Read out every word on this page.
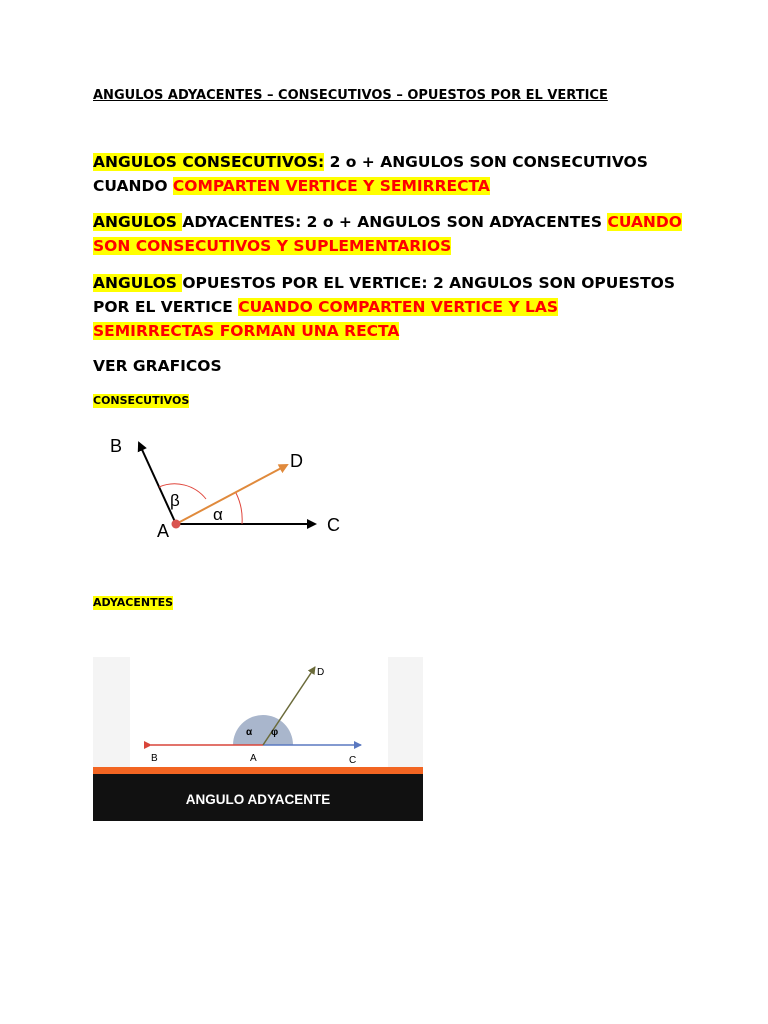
ANGULOS ADYACENTES – CONSECUTIVOS – OPUESTOS POR EL VERTICE

ANGULOS CONSECUTIVOS: 2 o + ANGULOS SON CONSECUTIVOS CUANDO COMPARTEN VERTICE Y SEMIRRECTA

ANGULOS ADYACENTES: 2 o + ANGULOS SON ADYACENTES CUANDO SON CONSECUTIVOS Y SUPLEMENTARIOS

ANGULOS OPUESTOS POR EL VERTICE: 2 ANGULOS SON OPUESTOS POR EL VERTICE CUANDO COMPARTEN VERTICE Y LAS SEMIRRECTAS FORMAN UNA RECTA

VER GRAFICOS

CONSECUTIVOS
B
D
A	C
β
α
ADYACENTES
D
B	A	C
α φ
ANGULO ADYACENTE
